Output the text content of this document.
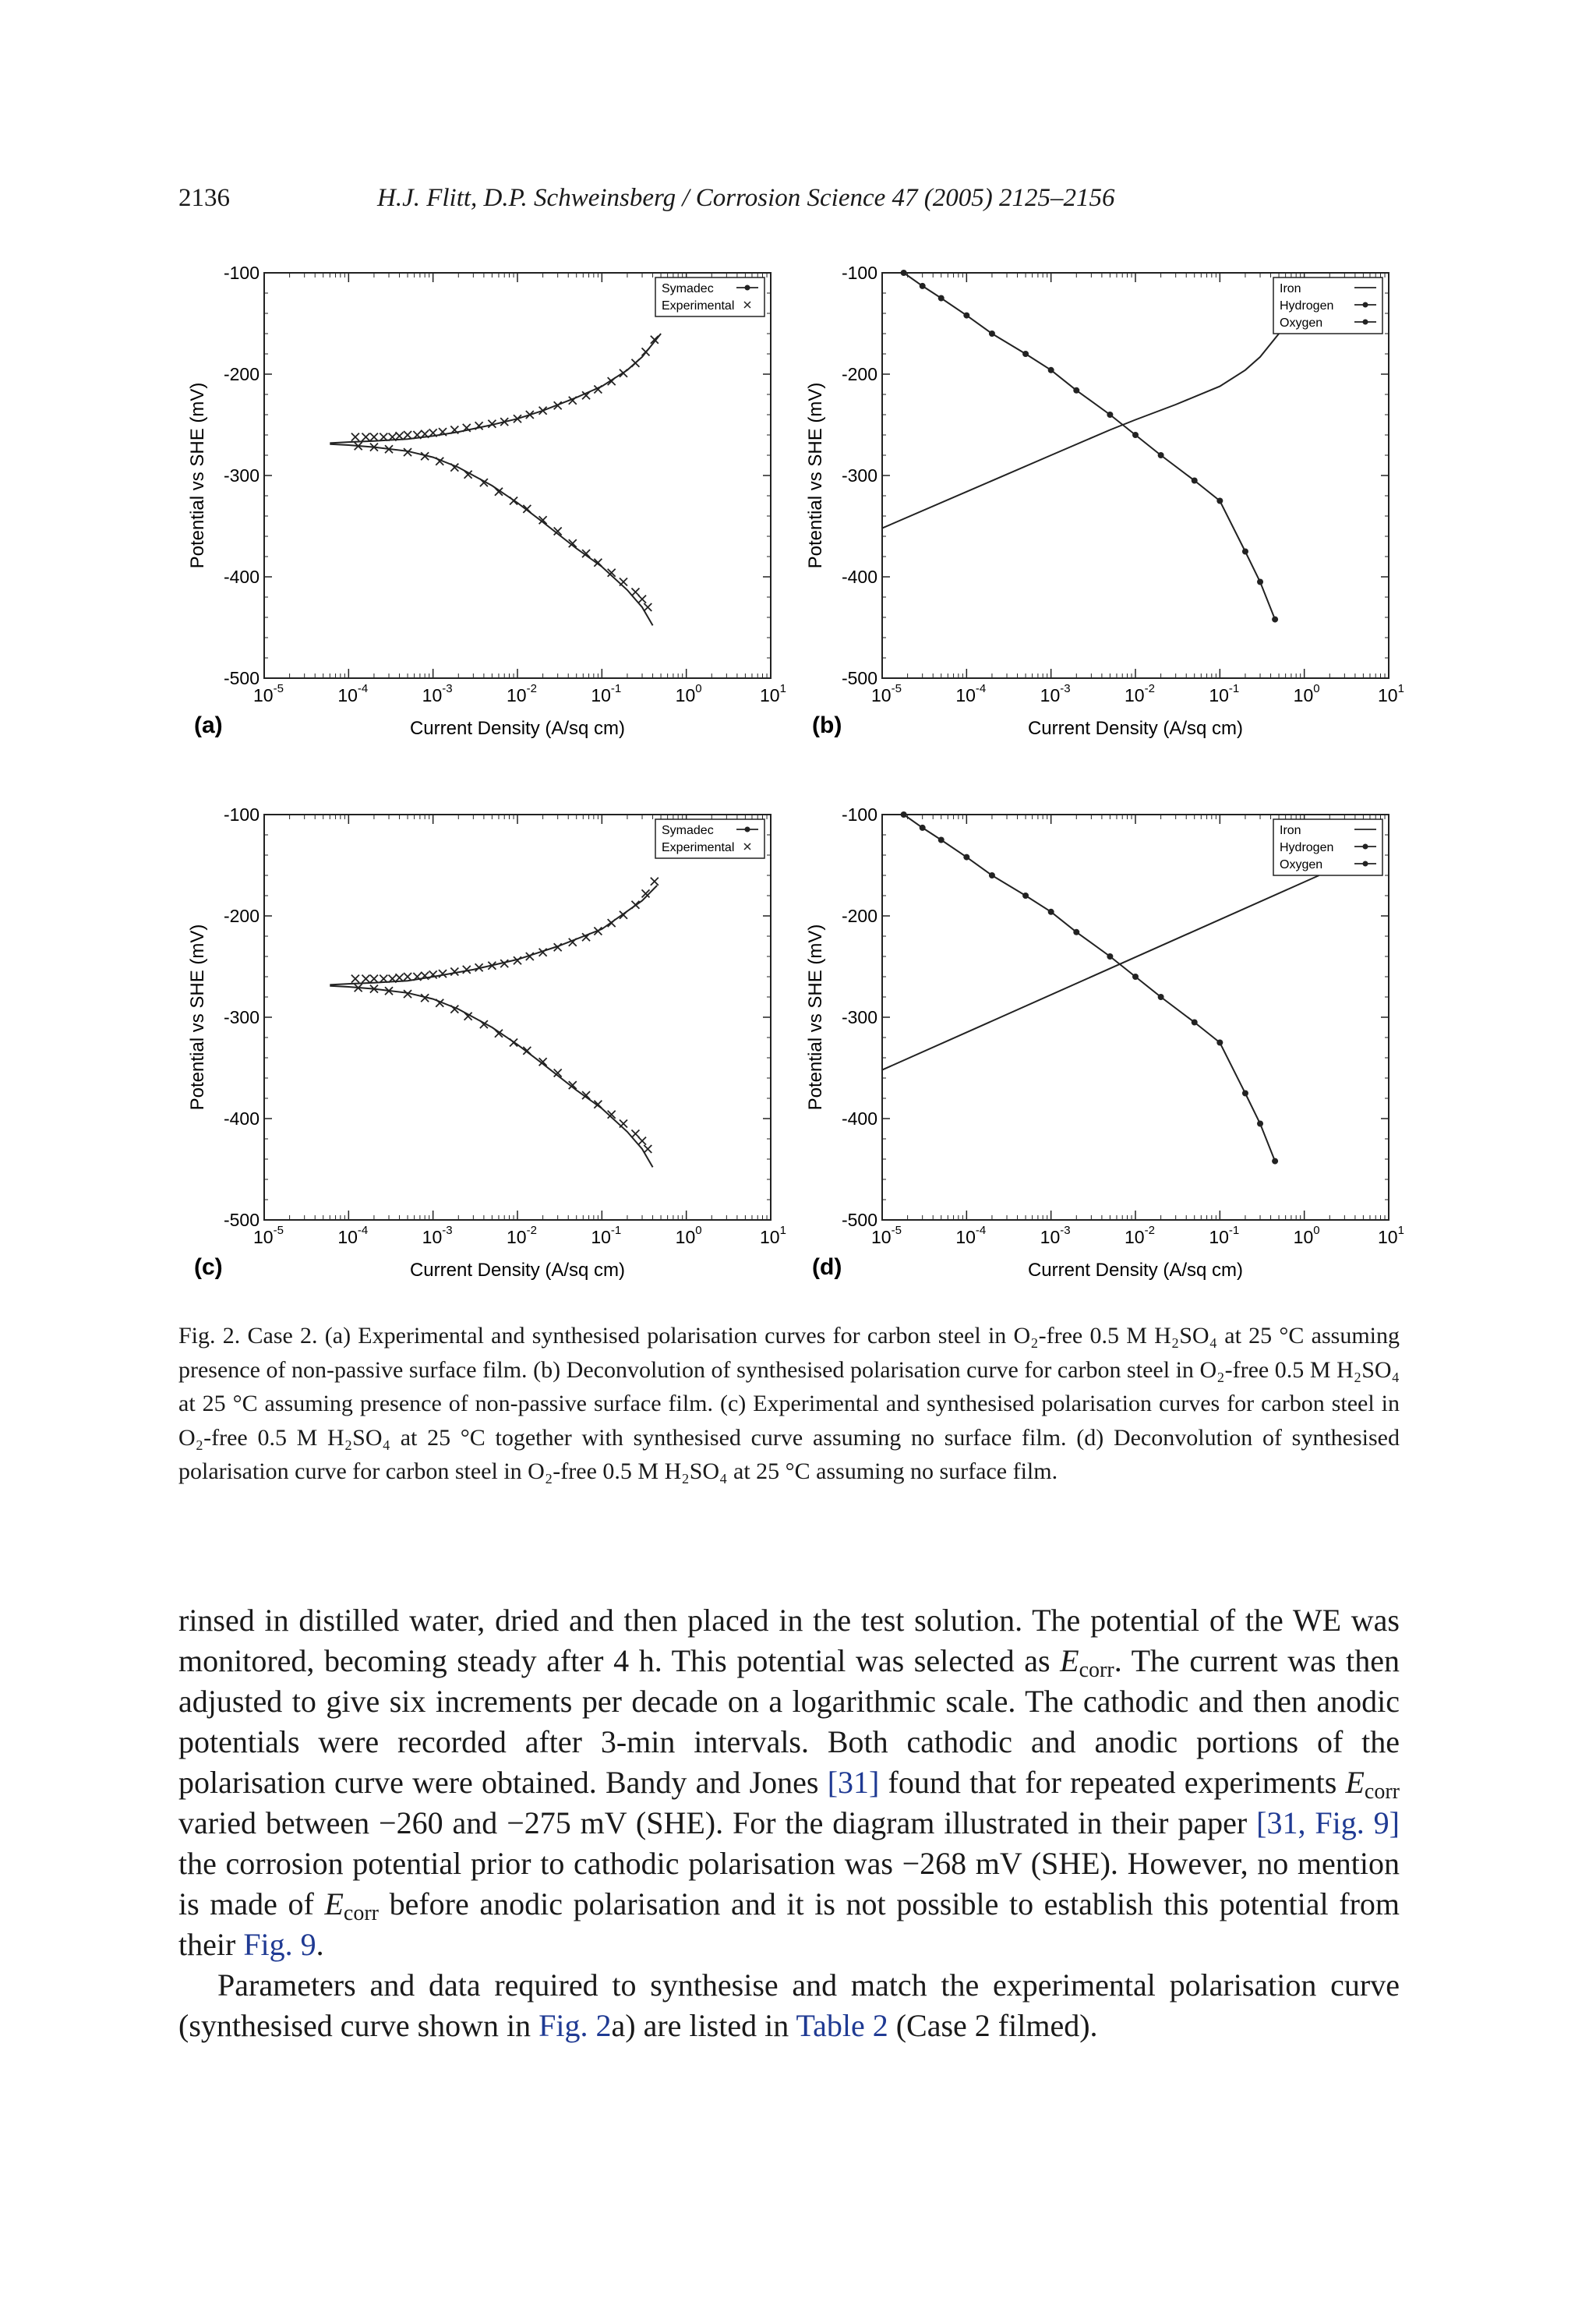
2136	H.J. Flitt, D.P. Schweinsberg / Corrosion Science 47 (2005) 2125–2156
-100
-200
-300
-400
-500
$10^{-5}$	$10^{-4}$	$10^{-3}$	$10^{-2}$	$10^{-1}$	$10^0$	$10^1$
Current Density (A/sq cm)
Potential vs SHE (mV)
(a)
Symadec
Experimental
-100
-200
-300
-400
-500
$10^{-5}$	$10^{-4}$	$10^{-3}$	$10^{-2}$	$10^{-1}$	$10^0$	$10^1$
Current Density (A/sq cm)
Potential vs SHE (mV)
(b)
Iron
Hydrogen
Oxygen
-100
-200
-300
-400
-500
$10^{-5}$	$10^{-4}$	$10^{-3}$	$10^{-2}$	$10^{-1}$	$10^0$	$10^1$
Current Density (A/sq cm)
Potential vs SHE (mV)
(c)
Symadec
Experimental
-100
-200
-300
-400
-500
$10^{-5}$	$10^{-4}$	$10^{-3}$	$10^{-2}$	$10^{-1}$	$10^0$	$10^1$
Current Density (A/sq cm)
Potential vs SHE (mV)
(d)
Iron
Hydrogen
Oxygen
Fig. 2. Case 2. (a) Experimental and synthesised polarisation curves for carbon steel in O₂-free 0.5 M H₂SO₄ at 25 °C assuming presence of non-passive surface film. (b) Deconvolution of synthesised polarisation curve for carbon steel in O₂-free 0.5 M H₂SO₄ at 25 °C assuming presence of non-passive surface film. (c) Experimental and synthesised polarisation curves for carbon steel in O₂-free 0.5 M H₂SO₄ at 25 °C together with synthesised curve assuming no surface film. (d) Deconvolution of synthesised polarisation curve for carbon steel in O₂-free 0.5 M H₂SO₄ at 25 °C assuming no surface film.

rinsed in distilled water, dried and then placed in the test solution. The potential of the WE was monitored, becoming steady after 4 h. This potential was selected as $E_{corr}$. The current was then adjusted to give six increments per decade on a logarithmic scale. The cathodic and then anodic potentials were recorded after 3-min intervals. Both cathodic and anodic portions of the polarisation curve were obtained. Bandy and Jones [31] found that for repeated experiments $E_{corr}$ varied between −260 and −275 mV (SHE). For the diagram illustrated in their paper [31, Fig. 9] the corrosion potential prior to cathodic polarisation was −268 mV (SHE). However, no mention is made of $E_{corr}$ before anodic polarisation and it is not possible to establish this potential from their Fig. 9.

Parameters and data required to synthesise and match the experimental polarisation curve (synthesised curve shown in Fig. 2a) are listed in Table 2 (Case 2 filmed).
